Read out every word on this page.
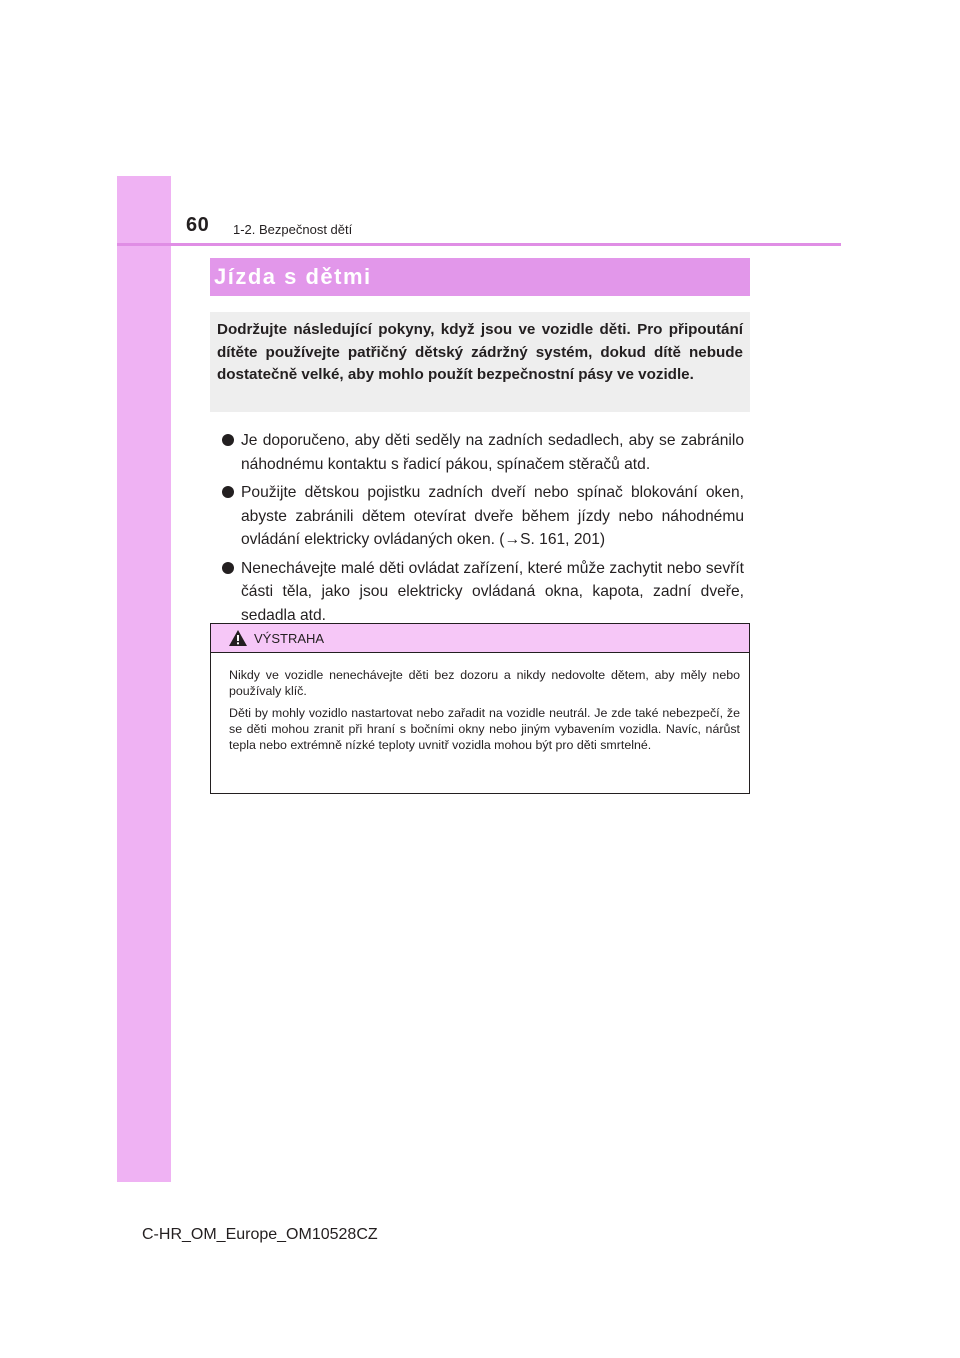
60 1-2. Bezpečnost dětí
Jízda s dětmi

Dodržujte následující pokyny, když jsou ve vozidle děti. Pro připoutání dítěte používejte patřičný dětský zádržný systém, dokud dítě nebude dostatečně velké, aby mohlo použít bezpečnostní pásy ve vozidle.

Je doporučeno, aby děti seděly na zadních sedadlech, aby se zabránilo náhodnému kontaktu s řadicí pákou, spínačem stěračů atd.
Použijte dětskou pojistku zadních dveří nebo spínač blokování oken, abyste zabránili dětem otevírat dveře během jízdy nebo náhodnému ovládání elektricky ovládaných oken. (→S. 161, 201)
Nenechávejte malé děti ovládat zařízení, které může zachytit nebo sevřít části těla, jako jsou elektricky ovládaná okna, kapota, zadní dveře, sedadla atd.
VÝSTRAHA

Nikdy ve vozidle nenechávejte děti bez dozoru a nikdy nedovolte dětem, aby měly nebo používaly klíč.

Děti by mohly vozidlo nastartovat nebo zařadit na vozidle neutrál. Je zde také nebezpečí, že se děti mohou zranit při hraní s bočními okny nebo jiným vybavením vozidla. Navíc, nárůst tepla nebo extrémně nízké teploty uvnitř vozidla mohou být pro děti smrtelné.

C-HR_OM_Europe_OM10528CZ
